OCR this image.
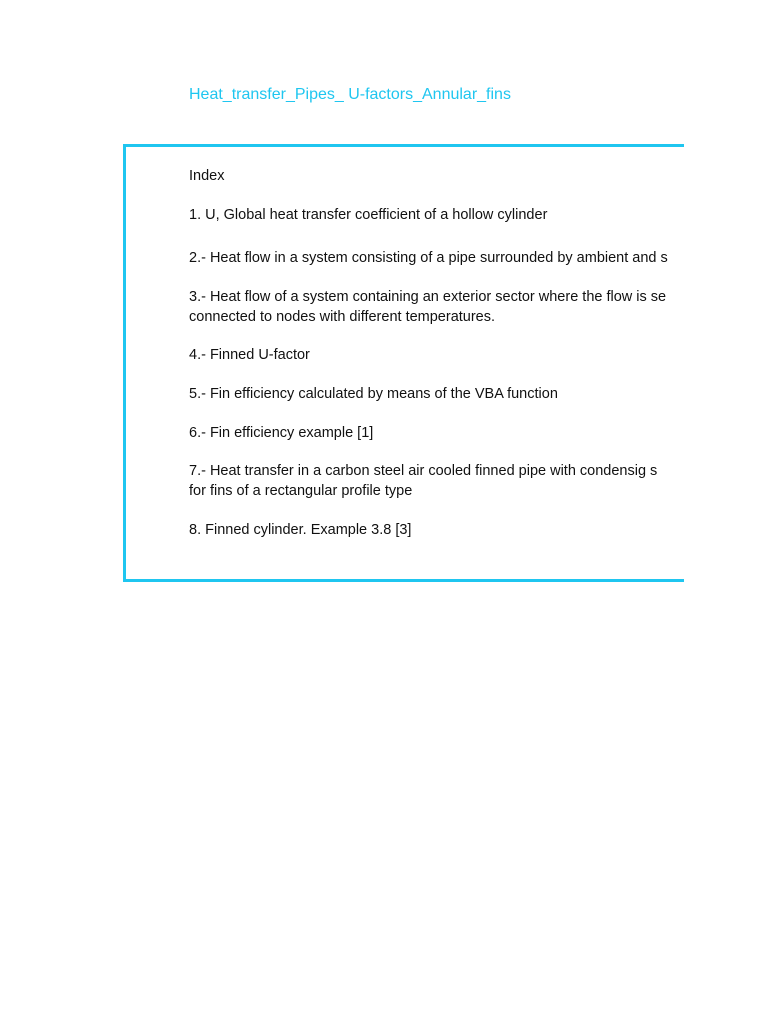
Heat_transfer_Pipes_ U-factors_Annular_fins
Index
1. U, Global heat transfer coefficient of a hollow cylinder
2.- Heat flow in a system consisting of a pipe surrounded by ambient and s
3.- Heat flow of a system containing an exterior sector where the flow is se
connected to nodes with different temperatures.
4.- Finned U-factor
5.- Fin efficiency calculated by means of the VBA function
6.- Fin efficiency example [1]
7.- Heat transfer in a carbon steel air cooled finned pipe with condensig s
for fins of a rectangular profile type
8. Finned cylinder. Example 3.8 [3]
